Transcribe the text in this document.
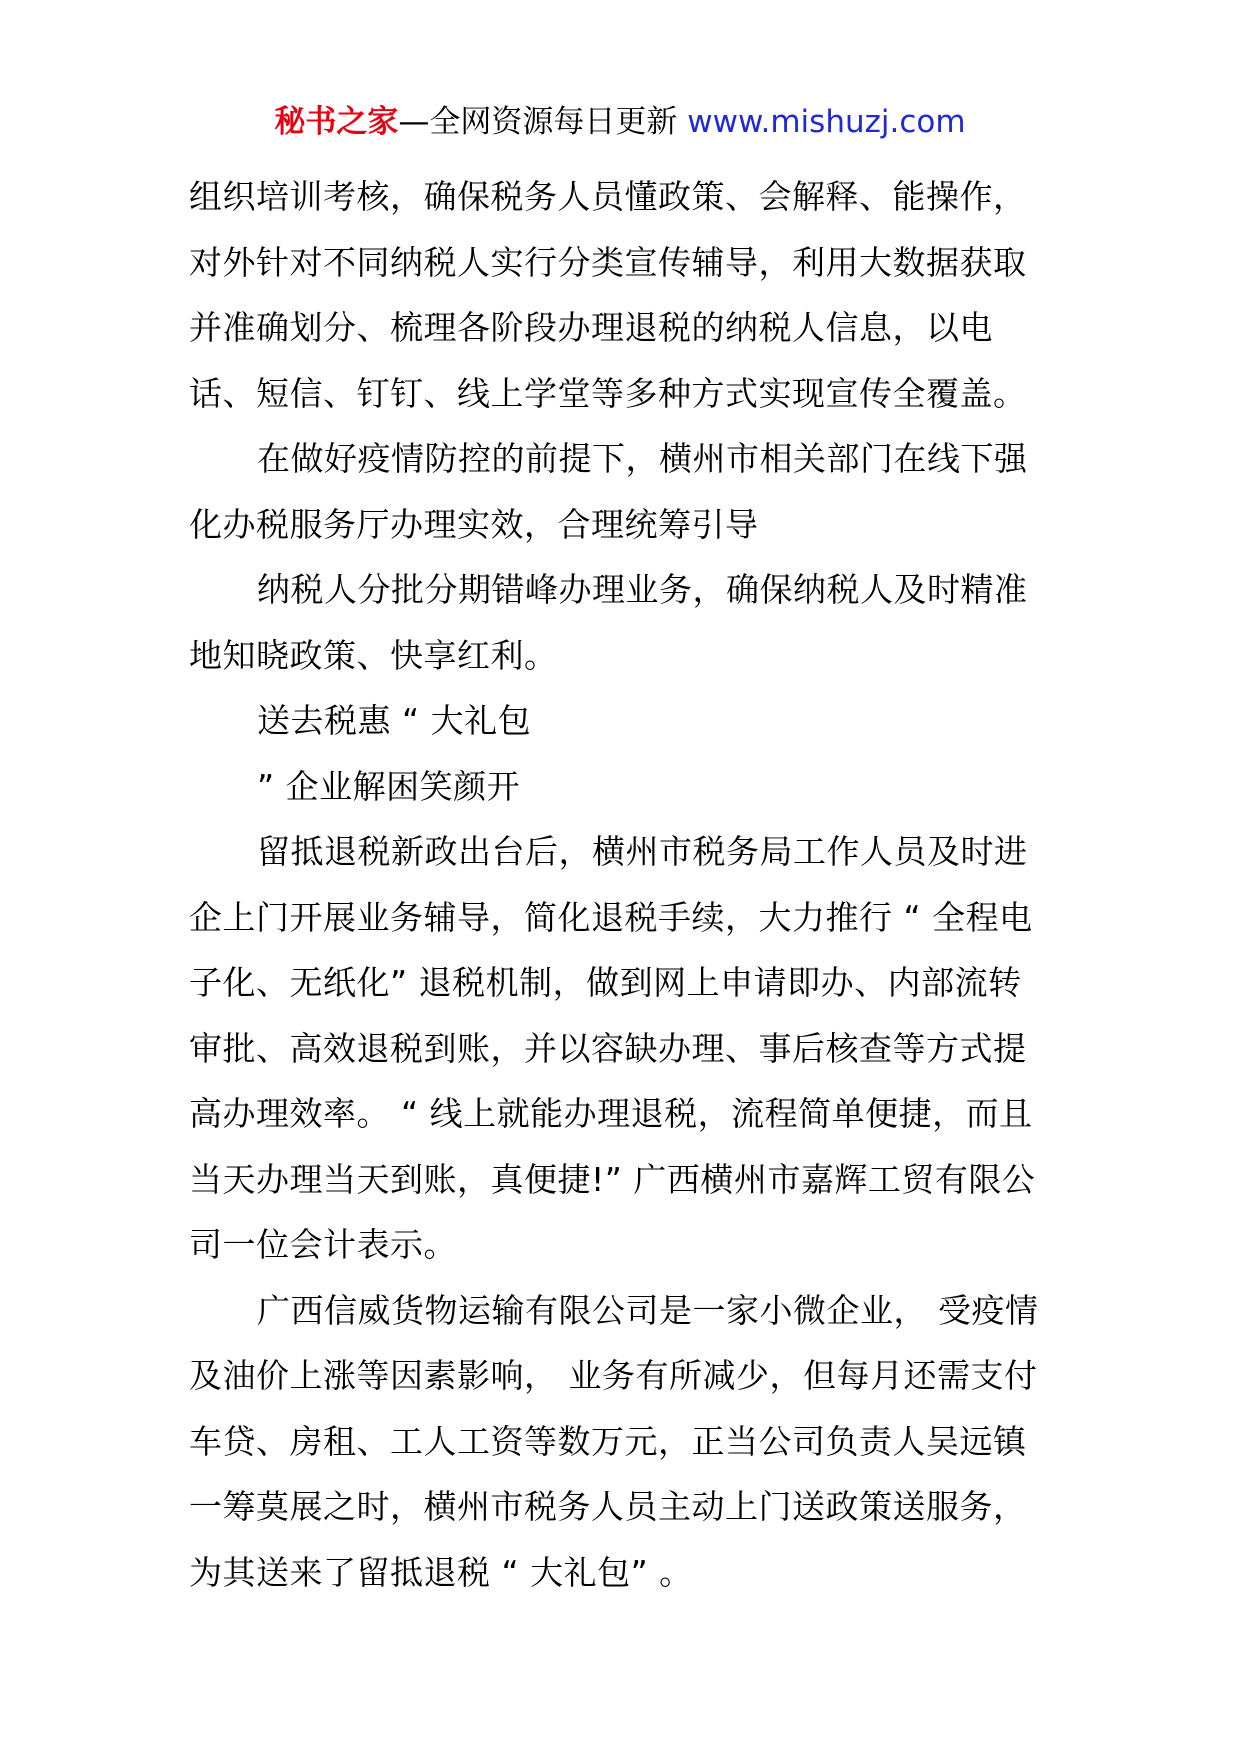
秘书之家—全网资源每日更新 www.mishuzj.com
组织培训考核，确保税务人员懂政策、会解释、能操作，
对外针对不同纳税人实行分类宣传辅导，利用大数据获取
并准确划分、梳理各阶段办理退税的纳税人信息，以电
话、短信、钉钉、线上学堂等多种方式实现宣传全覆盖。
在做好疫情防控的前提下，横州市相关部门在线下强
化办税服务厅办理实效，合理统筹引导
纳税人分批分期错峰办理业务，确保纳税人及时精准
地知晓政策、快享红利。
送去税惠 “ 大礼包
” 企业解困笑颜开
留抵退税新政出台后，横州市税务局工作人员及时进
企上门开展业务辅导，简化退税手续，大力推行 “ 全程电
子化、无纸化” 退税机制，做到网上申请即办、内部流转
审批、高效退税到账，并以容缺办理、事后核查等方式提
高办理效率。 “ 线上就能办理退税，流程简单便捷，而且
当天办理当天到账，真便捷!” 广西横州市嘉辉工贸有限公
司一位会计表示。
广西信威货物运输有限公司是一家小微企业， 受疫情
及油价上涨等因素影响， 业务有所减少，但每月还需支付
车贷、房租、工人工资等数万元，正当公司负责人吴远镇
一筹莫展之时，横州市税务人员主动上门送政策送服务，
为其送来了留抵退税 “ 大礼包” 。
